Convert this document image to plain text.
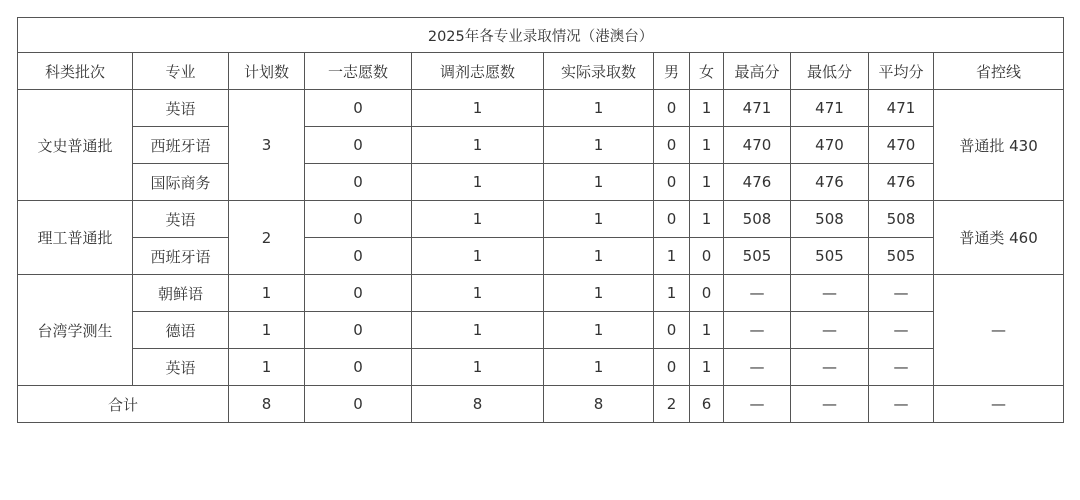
2025年各专业录取情况（港澳台）											
科类批次	专业	计划数	一志愿数	调剂志愿数	实际录取数	男	女	最高分	最低分	平均分	省控线
文史普通批	英语	3	0	1	1	0	1	471	471	471	普通批 430
	西班牙语		0	1	1	0	1	470	470	470	
	国际商务		0	1	1	0	1	476	476	476	
理工普通批	英语	2	0	1	1	0	1	508	508	508	普通类 460
	西班牙语		0	1	1	1	0	505	505	505	
台湾学测生	朝鲜语	1	0	1	1	1	0	—	—	—	—
	德语	1	0	1	1	0	1	—	—	—	
	英语	1	0	1	1	0	1	—	—	—	
合计		8	0	8	8	2	6	—	—	—	—
